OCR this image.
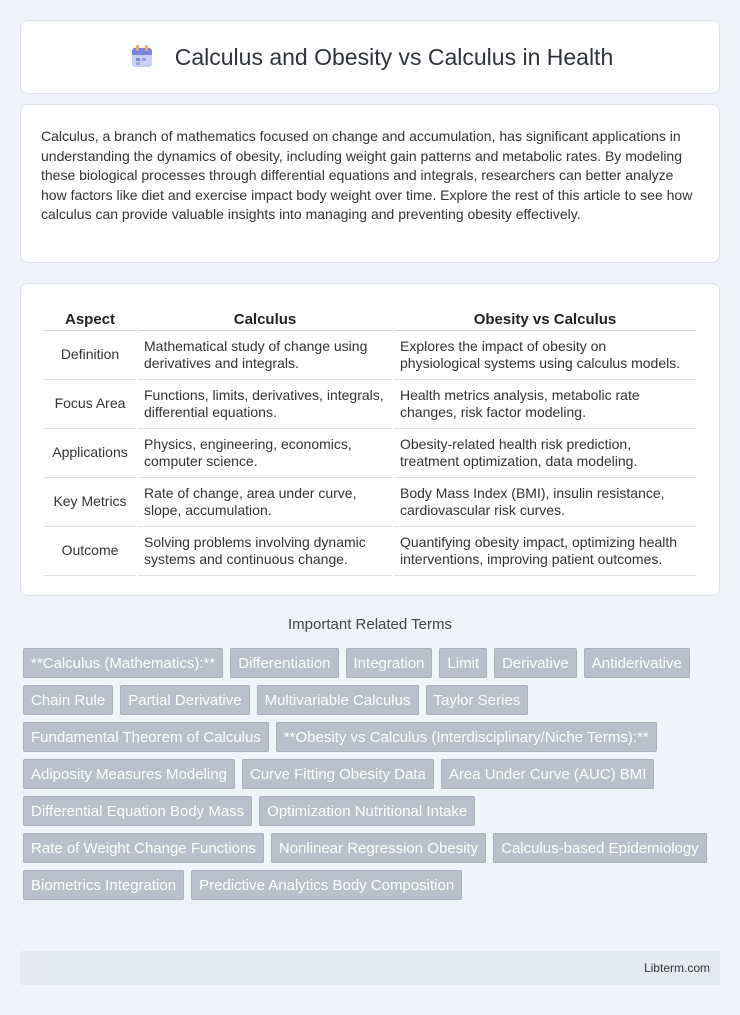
Calculus and Obesity vs Calculus in Health

Calculus, a branch of mathematics focused on change and accumulation, has significant applications in understanding the dynamics of obesity, including weight gain patterns and metabolic rates. By modeling these biological processes through differential equations and integrals, researchers can better analyze how factors like diet and exercise impact body weight over time. Explore the rest of this article to see how calculus can provide valuable insights into managing and preventing obesity effectively.

Aspect	Calculus	Obesity vs Calculus
Definition	Mathematical study of change using derivatives and integrals.	Explores the impact of obesity on physiological systems using calculus models.
Focus Area	Functions, limits, derivatives, integrals, differential equations.	Health metrics analysis, metabolic rate changes, risk factor modeling.
Applications	Physics, engineering, economics, computer science.	Obesity-related health risk prediction, treatment optimization, data modeling.
Key Metrics	Rate of change, area under curve, slope, accumulation.	Body Mass Index (BMI), insulin resistance, cardiovascular risk curves.
Outcome	Solving problems involving dynamic systems and continuous change.	Quantifying obesity impact, optimizing health interventions, improving patient outcomes.
Important Related Terms
**Calculus (Mathematics):**	Differentiation	Integration	Limit	Derivative	Antiderivative
Chain Rule	Partial Derivative	Multivariable Calculus	Taylor Series
Fundamental Theorem of Calculus	**Obesity vs Calculus (Interdisciplinary/Niche Terms):**
Adiposity Measures Modeling	Curve Fitting Obesity Data	Area Under Curve (AUC) BMI
Differential Equation Body Mass	Optimization Nutritional Intake
Rate of Weight Change Functions	Nonlinear Regression Obesity	Calculus-based Epidemiology
Biometrics Integration	Predictive Analytics Body Composition
Libterm.com
